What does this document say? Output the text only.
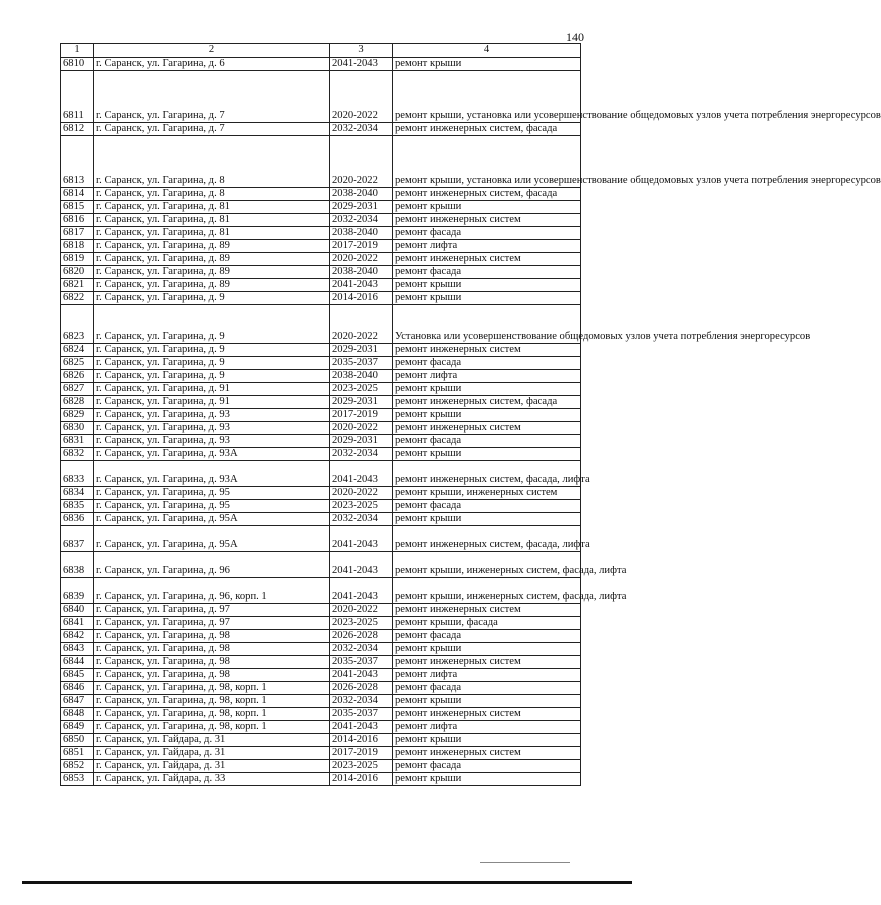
140
1	2	3	4
6810	г. Саранск, ул. Гагарина, д. 6	2041-2043	ремонт крыши
6811	г. Саранск, ул. Гагарина, д. 7	2020-2022	ремонт крыши, установка или усовершенствование общедомовых узлов учета потребления энергоресурсов
6812	г. Саранск, ул. Гагарина, д. 7	2032-2034	ремонт инженерных систем, фасада
6813	г. Саранск, ул. Гагарина, д. 8	2020-2022	ремонт крыши, установка или усовершенствование общедомовых узлов учета потребления энергоресурсов
6814	г. Саранск, ул. Гагарина, д. 8	2038-2040	ремонт инженерных систем, фасада
6815	г. Саранск, ул. Гагарина, д. 81	2029-2031	ремонт крыши
6816	г. Саранск, ул. Гагарина, д. 81	2032-2034	ремонт инженерных систем
6817	г. Саранск, ул. Гагарина, д. 81	2038-2040	ремонт фасада
6818	г. Саранск, ул. Гагарина, д. 89	2017-2019	ремонт лифта
6819	г. Саранск, ул. Гагарина, д. 89	2020-2022	ремонт инженерных систем
6820	г. Саранск, ул. Гагарина, д. 89	2038-2040	ремонт фасада
6821	г. Саранск, ул. Гагарина, д. 89	2041-2043	ремонт крыши
6822	г. Саранск, ул. Гагарина, д. 9	2014-2016	ремонт крыши
6823	г. Саранск, ул. Гагарина, д. 9	2020-2022	Установка или усовершенствование общедомовых узлов учета потребления энергоресурсов
6824	г. Саранск, ул. Гагарина, д. 9	2029-2031	ремонт инженерных систем
6825	г. Саранск, ул. Гагарина, д. 9	2035-2037	ремонт фасада
6826	г. Саранск, ул. Гагарина, д. 9	2038-2040	ремонт лифта
6827	г. Саранск, ул. Гагарина, д. 91	2023-2025	ремонт крыши
6828	г. Саранск, ул. Гагарина, д. 91	2029-2031	ремонт инженерных систем, фасада
6829	г. Саранск, ул. Гагарина, д. 93	2017-2019	ремонт крыши
6830	г. Саранск, ул. Гагарина, д. 93	2020-2022	ремонт инженерных систем
6831	г. Саранск, ул. Гагарина, д. 93	2029-2031	ремонт фасада
6832	г. Саранск, ул. Гагарина, д. 93А	2032-2034	ремонт крыши
6833	г. Саранск, ул. Гагарина, д. 93А	2041-2043	ремонт инженерных систем, фасада, лифта
6834	г. Саранск, ул. Гагарина, д. 95	2020-2022	ремонт крыши, инженерных систем
6835	г. Саранск, ул. Гагарина, д. 95	2023-2025	ремонт фасада
6836	г. Саранск, ул. Гагарина, д. 95А	2032-2034	ремонт крыши
6837	г. Саранск, ул. Гагарина, д. 95А	2041-2043	ремонт инженерных систем, фасада, лифта
6838	г. Саранск, ул. Гагарина, д. 96	2041-2043	ремонт крыши, инженерных систем, фасада, лифта
6839	г. Саранск, ул. Гагарина, д. 96, корп. 1	2041-2043	ремонт крыши, инженерных систем, фасада, лифта
6840	г. Саранск, ул. Гагарина, д. 97	2020-2022	ремонт инженерных систем
6841	г. Саранск, ул. Гагарина, д. 97	2023-2025	ремонт крыши, фасада
6842	г. Саранск, ул. Гагарина, д. 98	2026-2028	ремонт фасада
6843	г. Саранск, ул. Гагарина, д. 98	2032-2034	ремонт крыши
6844	г. Саранск, ул. Гагарина, д. 98	2035-2037	ремонт инженерных систем
6845	г. Саранск, ул. Гагарина, д. 98	2041-2043	ремонт лифта
6846	г. Саранск, ул. Гагарина, д. 98, корп. 1	2026-2028	ремонт фасада
6847	г. Саранск, ул. Гагарина, д. 98, корп. 1	2032-2034	ремонт крыши
6848	г. Саранск, ул. Гагарина, д. 98, корп. 1	2035-2037	ремонт инженерных систем
6849	г. Саранск, ул. Гагарина, д. 98, корп. 1	2041-2043	ремонт лифта
6850	г. Саранск, ул. Гайдара, д. 31	2014-2016	ремонт крыши
6851	г. Саранск, ул. Гайдара, д. 31	2017-2019	ремонт инженерных систем
6852	г. Саранск, ул. Гайдара, д. 31	2023-2025	ремонт фасада
6853	г. Саранск, ул. Гайдара, д. 33	2014-2016	ремонт крыши
